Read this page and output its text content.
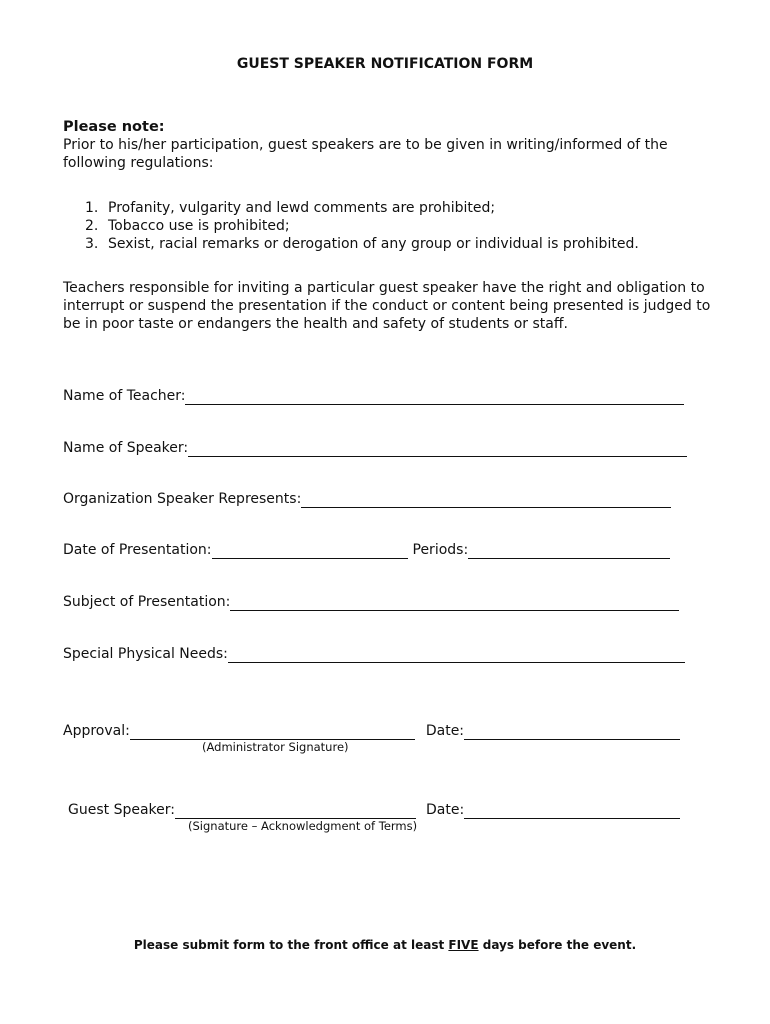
GUEST SPEAKER NOTIFICATION FORM
Please note:
Prior to his/her participation, guest speakers are to be given in writing/informed of the following regulations:
1. Profanity, vulgarity and lewd comments are prohibited;
2. Tobacco use is prohibited;
3. Sexist, racial remarks or derogation of any group or individual is prohibited.
Teachers responsible for inviting a particular guest speaker have the right and obligation to interrupt or suspend the presentation if the conduct or content being presented is judged to be in poor taste or endangers the health and safety of students or staff.
Name of Teacher:
Name of Speaker:
Organization Speaker Represents:
Date of Presentation:	Periods:
Subject of Presentation:
Special Physical Needs:
Approval:	Date:
(Administrator Signature)
Guest Speaker:	Date:
(Signature – Acknowledgment of Terms)
Please submit form to the front office at least FIVE days before the event.
